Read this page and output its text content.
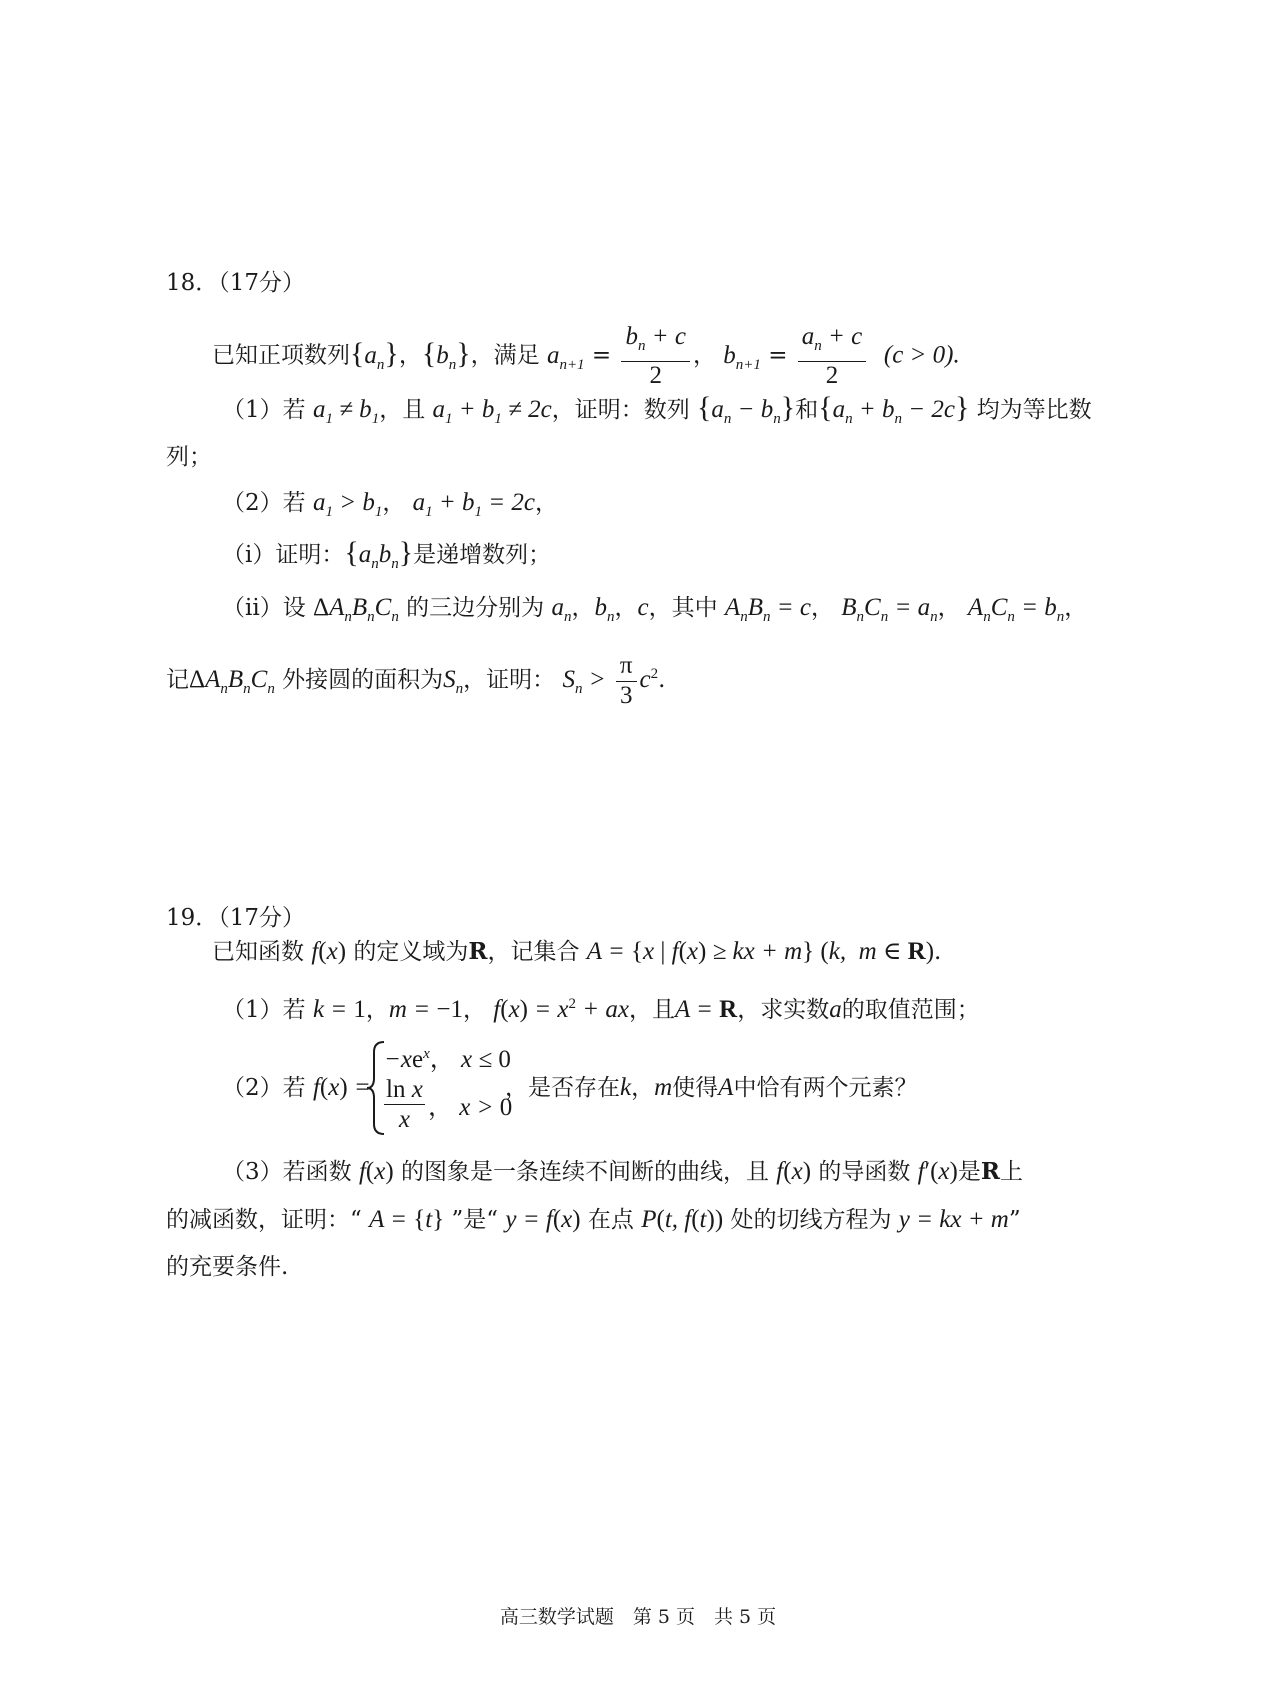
18．（17分）
已知正项数列$\{a_n\}$，$\{b_n\}$，满足 $a_{n+1} = \frac{b_n + c}{2}$ ， $b_{n+1} = \frac{a_n + c}{2} (c > 0)$.
（1）若 $a_1 \ne b_1$，且 $a_1 + b_1 \ne 2c$，证明：数列 $\{a_n - b_n\}$和$\{a_n + b_n - 2c\}$ 均为等比数
列；
（2）若 $a_1 > b_1$， $a_1 + b_1 = 2c$，
（i）证明：$\{a_nb_n\}$是递增数列；
（ii）设 $\Delta A_nB_nC_n$ 的三边分别为 $a_n$，$b_n$，c，其中 $A_nB_n = c$， $B_nC_n = a_n$， $A_nC_n = b_n$，
记$\Delta A_nB_nC_n$ 外接圆的面积为$S_n$，证明： $S_n > \frac{\pi}{3} c^2$.
19．（17分）
已知函数 f(x) 的定义域为R，记集合 A = {x | f(x) ≥ kx + m} (k,  m ∈ R).
（1）若 k = 1，m = −1， $f(x) = x^2$ + ax，且A = R，求实数a的取值范围；
（2）若 f(x) =
$-xe^x$， x ≤ 0
ln x
x ， x > 0
，是否存在k，m使得A中恰有两个元素？
（3）若函数 f(x) 的图象是一条连续不间断的曲线，且 f(x) 的导函数 f′(x)是R上
的减函数，证明：“ A = {t} ”是“ y = f(x) 在点 P(t, f(t)) 处的切线方程为 y = kx + m”
的充要条件.
高三数学试题　第 5 页　共 5 页
